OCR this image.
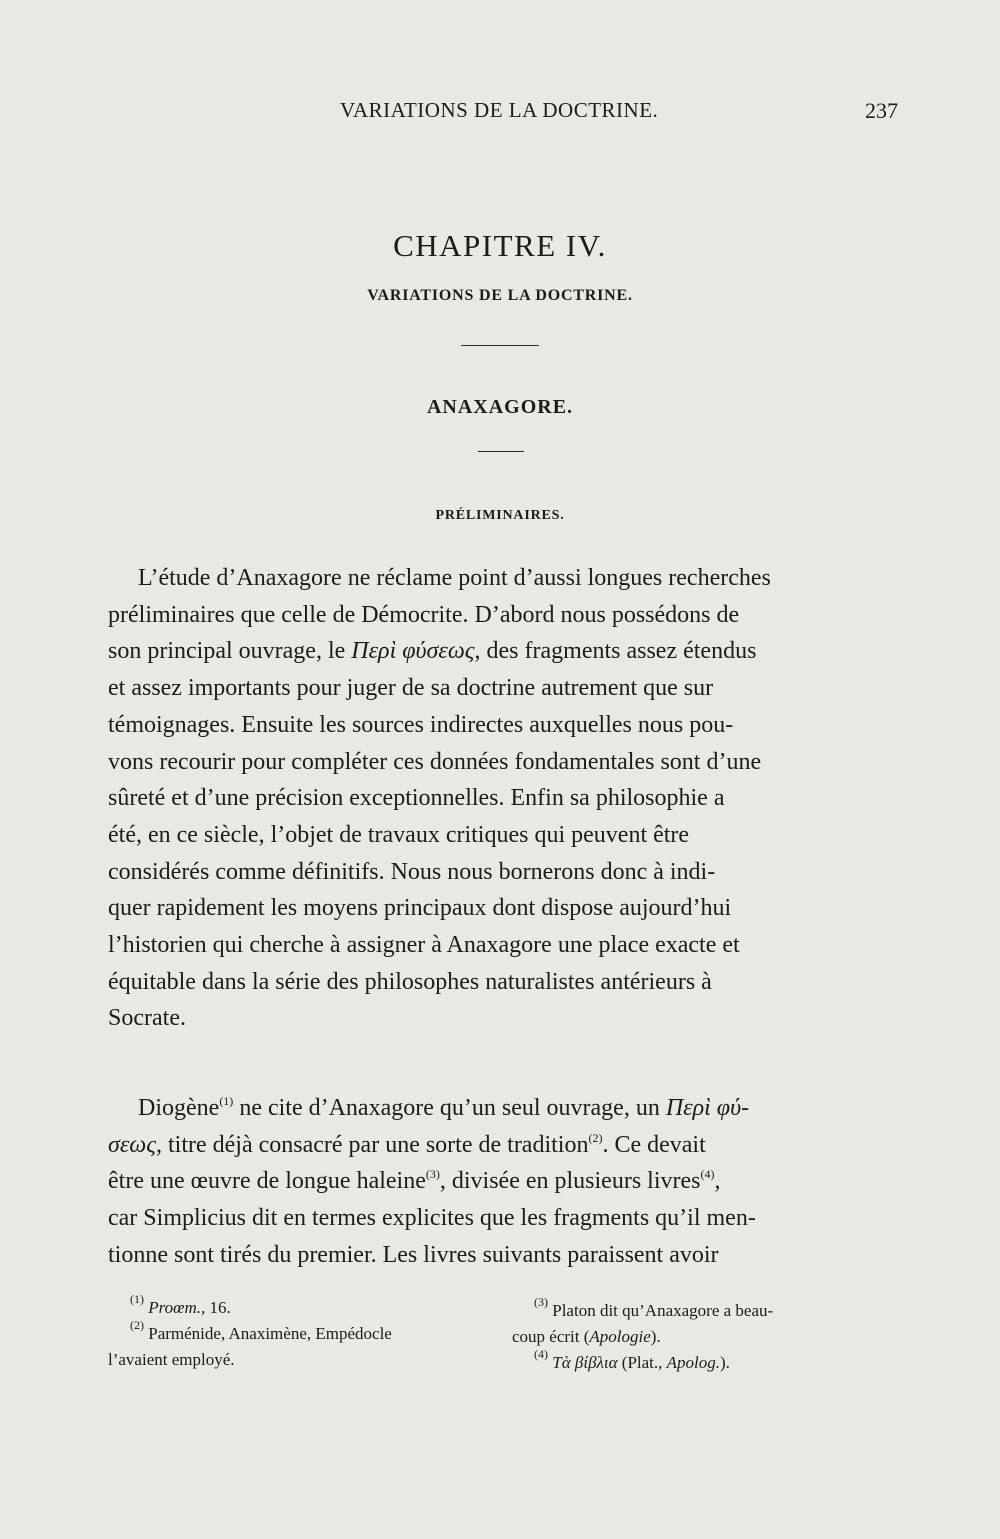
VARIATIONS DE LA DOCTRINE.	237
CHAPITRE IV.
VARIATIONS DE LA DOCTRINE.
ANAXAGORE.
PRÉLIMINAIRES.

L’étude d’Anaxagore ne réclame point d’aussi longues recherches

préliminaires que celle de Démocrite. D’abord nous possédons de

son principal ouvrage, le Περὶ φύσεως, des fragments assez étendus

et assez importants pour juger de sa doctrine autrement que sur

témoignages. Ensuite les sources indirectes auxquelles nous pou-

vons recourir pour compléter ces données fondamentales sont d’une

sûreté et d’une précision exceptionnelles. Enfin sa philosophie a

été, en ce siècle, l’objet de travaux critiques qui peuvent être

considérés comme définitifs. Nous nous bornerons donc à indi-

quer rapidement les moyens principaux dont dispose aujourd’hui

l’historien qui cherche à assigner à Anaxagore une place exacte et

équitable dans la série des philosophes naturalistes antérieurs à

Socrate.

Diogène$^{(1)}$ ne cite d’Anaxagore qu’un seul ouvrage, un Περὶ φύ-

σεως, titre déjà consacré par une sorte de tradition$^{(2)}$. Ce devait

être une œuvre de longue haleine$^{(3)}$, divisée en plusieurs livres$^{(4)}$,

car Simplicius dit en termes explicites que les fragments qu’il men-

tionne sont tirés du premier. Les livres suivants paraissent avoir

$^{(1)}$ Proœm., 16.
$^{(2)}$ Parménide, Anaximène, Empédocle
l’avaient employé.
$^{(3)}$ Platon dit qu’Anaxagore a beau-
coup écrit (Apologie).
$^{(4)}$ Τὰ βίβλια (Plat., Apolog.).
